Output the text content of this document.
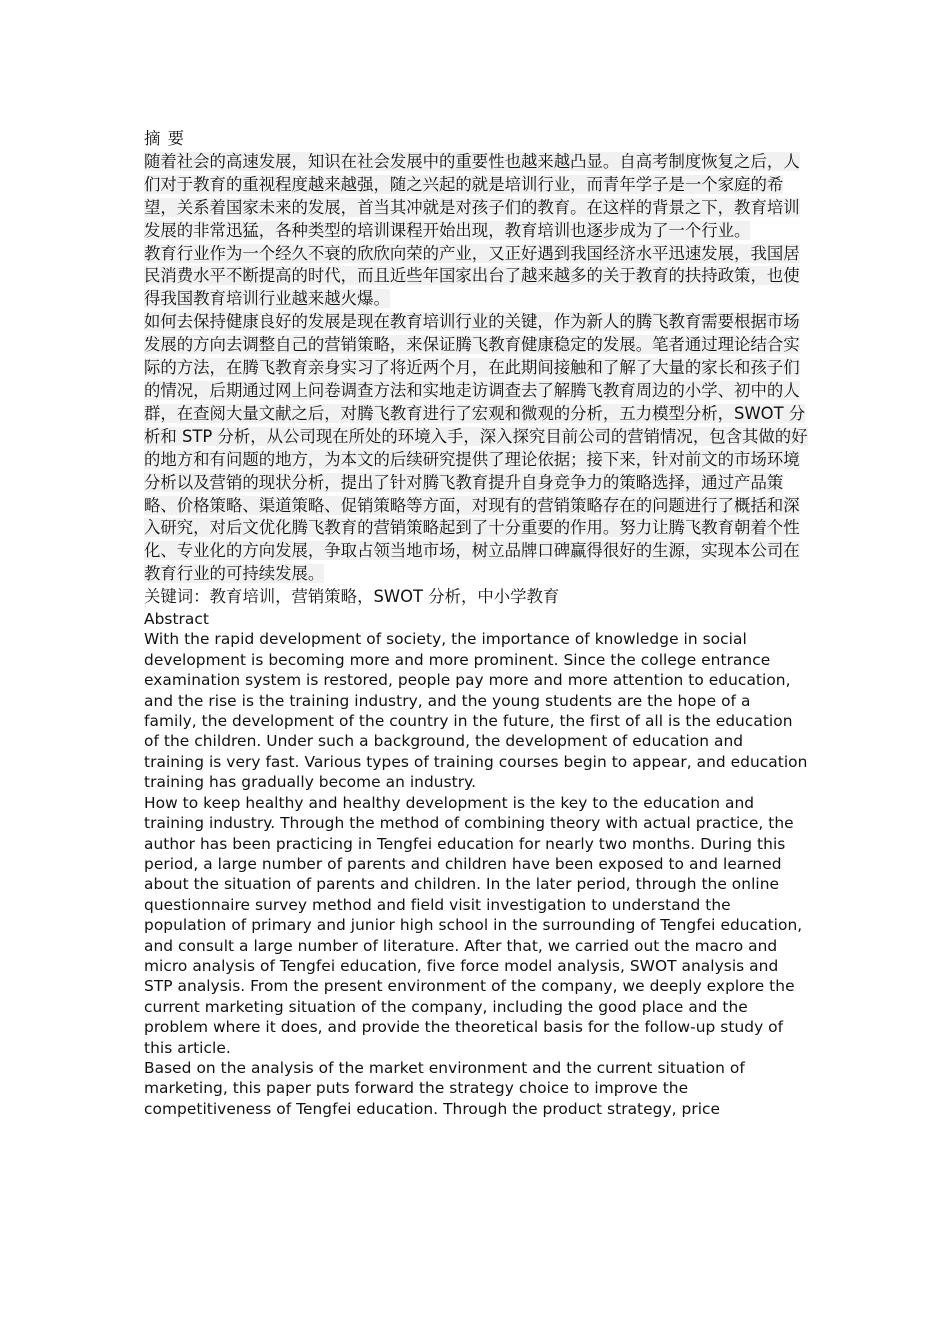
摘 要

随着社会的高速发展，知识在社会发展中的重要性也越来越凸显。自高考制度恢复之后，人们对于教育的重视程度越来越强，随之兴起的就是培训行业，而青年学子是一个家庭的希望，关系着国家未来的发展，首当其冲就是对孩子们的教育。在这样的背景之下，教育培训发展的非常迅猛，各种类型的培训课程开始出现，教育培训也逐步成为了一个行业。

教育行业作为一个经久不衰的欣欣向荣的产业，又正好遇到我国经济水平迅速发展，我国居民消费水平不断提高的时代，而且近些年国家出台了越来越多的关于教育的扶持政策，也使得我国教育培训行业越来越火爆。

如何去保持健康良好的发展是现在教育培训行业的关键，作为新人的腾飞教育需要根据市场发展的方向去调整自己的营销策略，来保证腾飞教育健康稳定的发展。笔者通过理论结合实际的方法，在腾飞教育亲身实习了将近两个月，在此期间接触和了解了大量的家长和孩子们的情况，后期通过网上问卷调查方法和实地走访调查去了解腾飞教育周边的小学、初中的人群，在查阅大量文献之后，对腾飞教育进行了宏观和微观的分析，五力模型分析，SWOT 分析和 STP 分析，从公司现在所处的环境入手，深入探究目前公司的营销情况，包含其做的好的地方和有问题的地方，为本文的后续研究提供了理论依据；接下来，针对前文的市场环境分析以及营销的现状分析，提出了针对腾飞教育提升自身竞争力的策略选择，通过产品策略、价格策略、渠道策略、促销策略等方面，对现有的营销策略存在的问题进行了概括和深入研究，对后文优化腾飞教育的营销策略起到了十分重要的作用。努力让腾飞教育朝着个性化、专业化的方向发展，争取占领当地市场，树立品牌口碑赢得很好的生源，实现本公司在教育行业的可持续发展。

关键词：教育培训，营销策略，SWOT 分析，中小学教育

Abstract

With the rapid development of society, the importance of knowledge in social development is becoming more and more prominent. Since the college entrance examination system is restored, people pay more and more attention to education, and the rise is the training industry, and the young students are the hope of a family, the development of the country in the future, the first of all is the education of the children. Under such a background, the development of education and training is very fast. Various types of training courses begin to appear, and education training has gradually become an industry.

How to keep healthy and healthy development is the key to the education and training industry. Through the method of combining theory with actual practice, the author has been practicing in Tengfei education for nearly two months. During this period, a large number of parents and children have been exposed to and learned about the situation of parents and children. In the later period, through the online questionnaire survey method and field visit investigation to understand the population of primary and junior high school in the surrounding of Tengfei education, and consult a large number of literature. After that, we carried out the macro and micro analysis of Tengfei education, five force model analysis, SWOT analysis and STP analysis. From the present environment of the company, we deeply explore the current marketing situation of the company, including the good place and the problem where it does, and provide the theoretical basis for the follow-up study of this article.

Based on the analysis of the market environment and the current situation of marketing, this paper puts forward the strategy choice to improve the competitiveness of Tengfei education. Through the product strategy, price
